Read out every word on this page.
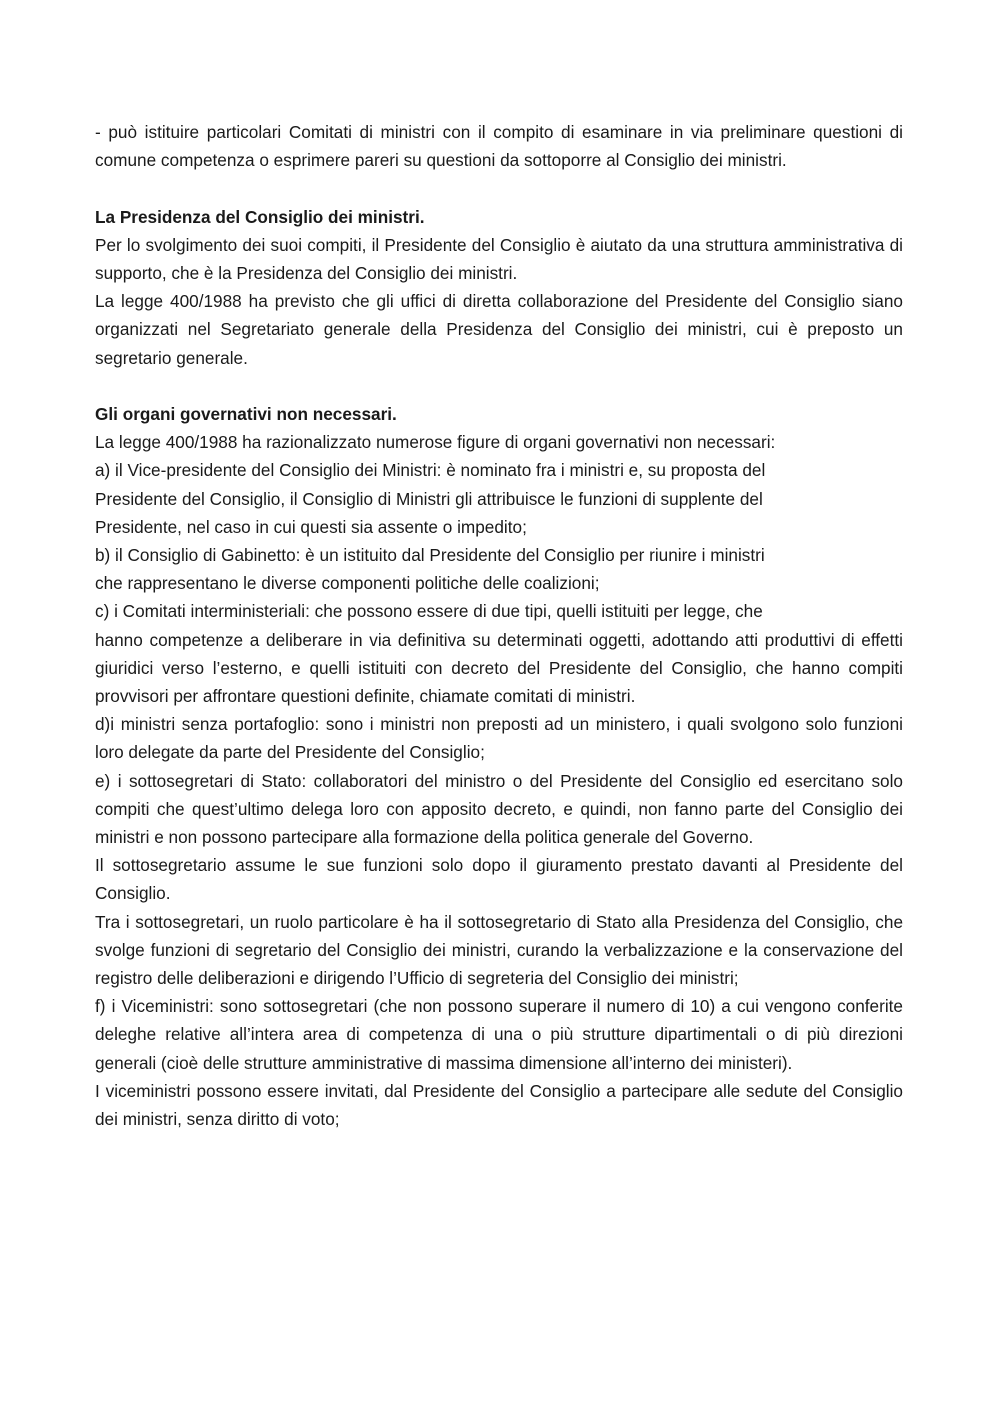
- può istituire particolari Comitati di ministri con il compito di esaminare in via preliminare questioni di comune competenza o esprimere pareri su questioni da sottoporre al Consiglio dei ministri.

La Presidenza del Consiglio dei ministri.

Per lo svolgimento dei suoi compiti, il Presidente del Consiglio è aiutato da una struttura amministrativa di supporto, che è la Presidenza del Consiglio dei ministri.

La legge 400/1988 ha previsto che gli uffici di diretta collaborazione del Presidente del Consiglio siano organizzati nel Segretariato generale della Presidenza del Consiglio dei ministri, cui è preposto un segretario generale.

Gli organi governativi non necessari.

La legge 400/1988 ha razionalizzato numerose figure di organi governativi non necessari:

a) il Vice-presidente del Consiglio dei Ministri: è nominato fra i ministri e, su proposta del

Presidente del Consiglio, il Consiglio di Ministri gli attribuisce le funzioni di supplente del

Presidente, nel caso in cui questi sia assente o impedito;

b) il Consiglio di Gabinetto: è un istituito dal Presidente del Consiglio per riunire i ministri

che rappresentano le diverse componenti politiche delle coalizioni;

c) i Comitati interministeriali: che possono essere di due tipi, quelli istituiti per legge, che

hanno competenze a deliberare in via definitiva su determinati oggetti, adottando atti produttivi di effetti giuridici verso l’esterno, e quelli istituiti con decreto del Presidente del Consiglio, che hanno compiti provvisori per affrontare questioni definite, chiamate comitati di ministri.

d)i ministri senza portafoglio: sono i ministri non preposti ad un ministero, i quali svolgono solo funzioni loro delegate da parte del Presidente del Consiglio;

e) i sottosegretari di Stato: collaboratori del ministro o del Presidente del Consiglio ed esercitano solo compiti che quest’ultimo delega loro con apposito decreto, e quindi, non fanno parte del Consiglio dei ministri e non possono partecipare alla formazione della politica generale del Governo.

Il sottosegretario assume le sue funzioni solo dopo il giuramento prestato davanti al Presidente del Consiglio.

Tra i sottosegretari, un ruolo particolare è ha il sottosegretario di Stato alla Presidenza del Consiglio, che svolge funzioni di segretario del Consiglio dei ministri, curando la verbalizzazione e la conservazione del registro delle deliberazioni e dirigendo l’Ufficio di segreteria del Consiglio dei ministri;

f) i Viceministri: sono sottosegretari (che non possono superare il numero di 10) a cui vengono conferite deleghe relative all’intera area di competenza di una o più strutture dipartimentali o di più direzioni generali (cioè delle strutture amministrative di massima dimensione all’interno dei ministeri).

I viceministri possono essere invitati, dal Presidente del Consiglio a partecipare alle sedute del Consiglio dei ministri, senza diritto di voto;
